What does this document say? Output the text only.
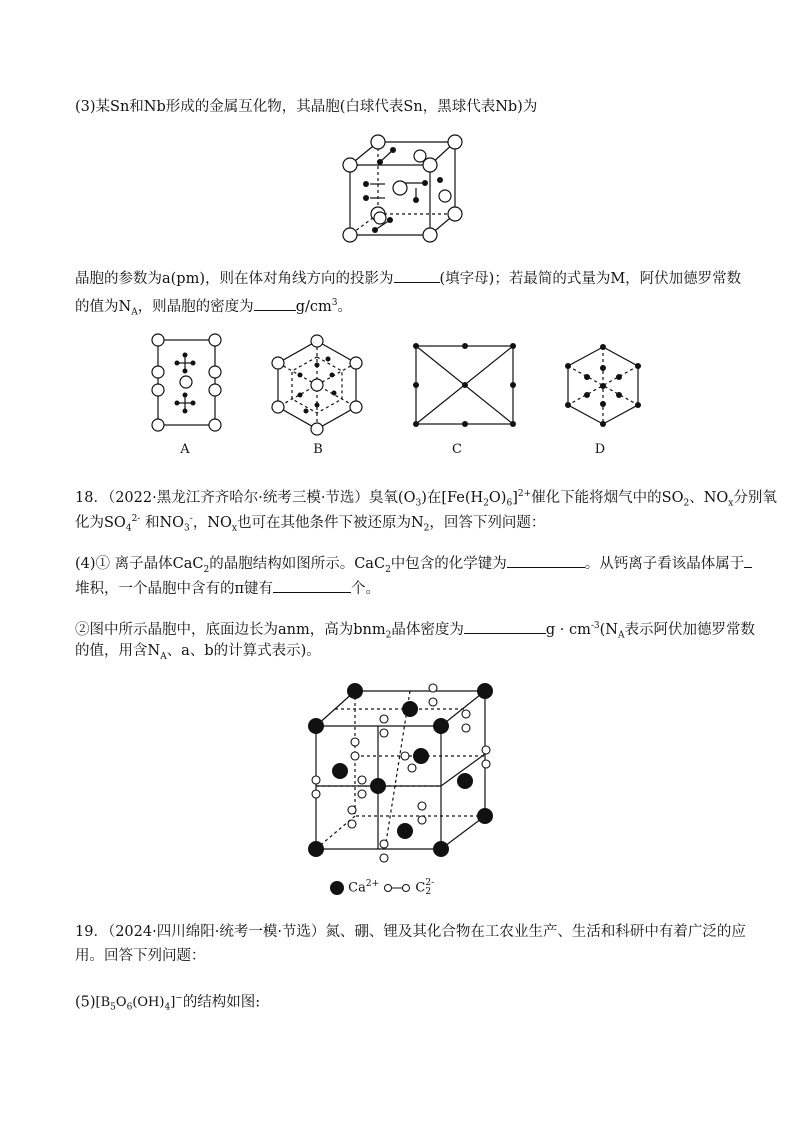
(3)某Sn和Nb形成的金属互化物，其晶胞(白球代表Sn，黑球代表Nb)为
晶胞的参数为a(pm)，则在体对角线方向的投影为	(填字母)；若最简的式量为M，阿伏加德罗常数
的值为$N_A$，则晶胞的密度为	$g/cm^3$。
A	B	C	D
18．（2022·黑龙江齐齐哈尔·统考三模·节选）臭氧$(O_3)$在$[Fe(H_2O)_6]^{2+}$催化下能将烟气中的$SO_2$、$NO_x$分别氧
化为$SO_4^{2-}$ 和$NO_3^-$，$NO_x$也可在其他条件下被还原为$N_2$，回答下列问题：
(4)① 离子晶体CaC$_2$的晶胞结构如图所示。CaC$_2$中包含的化学键为	。从钙离子看该晶体属于
堆积，一个晶胞中含有的π键有	个。
②图中所示晶胞中，底面边长为anm，高为bnm$_2$晶体密度为	$g \cdot cm^{-3}(N_A$表示阿伏加德罗常数
的值，用含$N_A$、a、b的计算式表示)。
$Ca^{2+}$	C2-
2
19．（2024·四川绵阳·统考一模·节选）氮、硼、锂及其化合物在工农业生产、生活和科研中有着广泛的应
用。回答下列问题：
$(5)[B_5O_6(OH)_4]^-$的结构如图:
